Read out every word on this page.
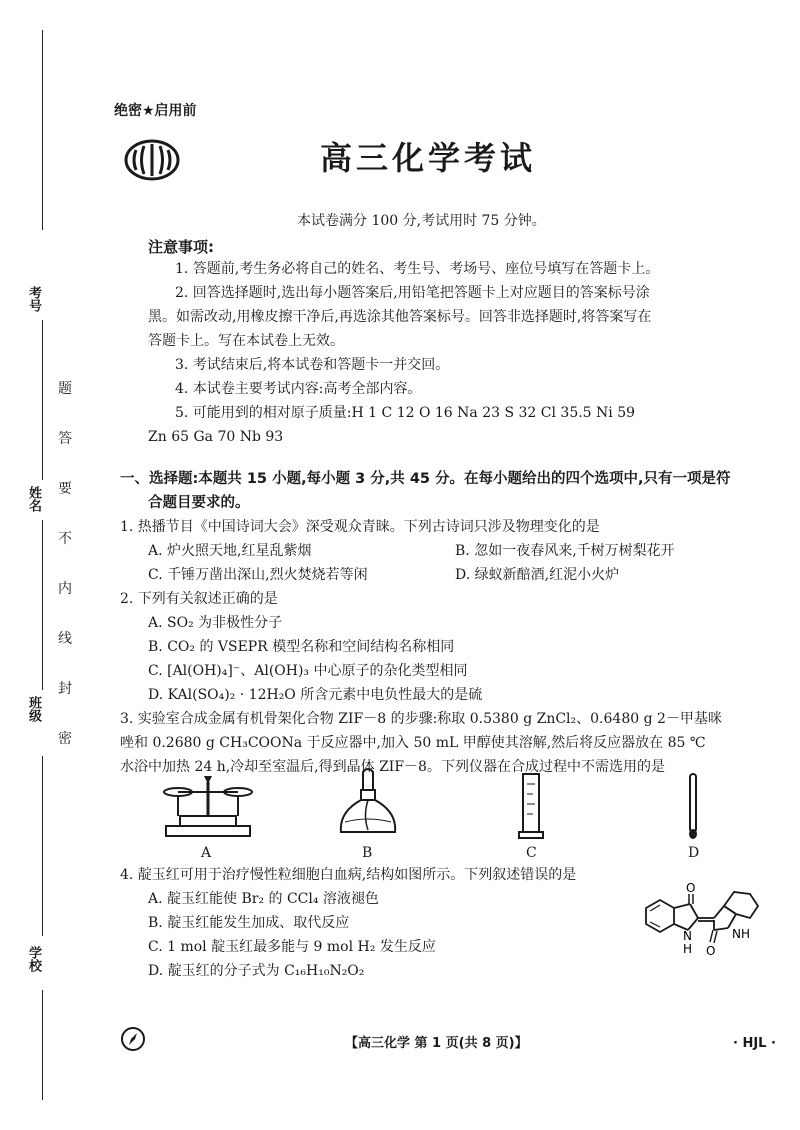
考号
姓名
班级
学校
题
答
要
不
内
线
封
密
绝密★启用前
高三化学考试
本试卷满分 100 分,考试用时 75 分钟。
注意事项:
1. 答题前,考生务必将自己的姓名、考生号、考场号、座位号填写在答题卡上。
2. 回答选择题时,选出每小题答案后,用铅笔把答题卡上对应题目的答案标号涂
黑。如需改动,用橡皮擦干净后,再选涂其他答案标号。回答非选择题时,将答案写在
答题卡上。写在本试卷上无效。
3. 考试结束后,将本试卷和答题卡一并交回。
4. 本试卷主要考试内容:高考全部内容。
5. 可能用到的相对原子质量:H 1 C 12 O 16 Na 23 S 32 Cl 35.5 Ni 59
Zn 65 Ga 70 Nb 93
一、选择题:本题共 15 小题,每小题 3 分,共 45 分。在每小题给出的四个选项中,只有一项是符
合题目要求的。
1. 热播节目《中国诗词大会》深受观众青睐。下列古诗词只涉及物理变化的是
A. 炉火照天地,红星乱紫烟	B. 忽如一夜春风来,千树万树梨花开
C. 千锤万凿出深山,烈火焚烧若等闲	D. 绿蚁新醅酒,红泥小火炉
2. 下列有关叙述正确的是
A. SO₂ 为非极性分子
B. CO₂ 的 VSEPR 模型名称和空间结构名称相同
C. [Al(OH)₄]⁻、Al(OH)₃ 中心原子的杂化类型相同
D. KAl(SO₄)₂ · 12H₂O 所含元素中电负性最大的是硫
3. 实验室合成金属有机骨架化合物 ZIF－8 的步骤:称取 0.5380 g ZnCl₂、0.6480 g 2－甲基咪
唑和 0.2680 g CH₃COONa 于反应器中,加入 50 mL 甲醇使其溶解,然后将反应器放在 85 ℃
水浴中加热 24 h,冷却至室温后,得到晶体 ZIF－8。下列仪器在合成过程中不需选用的是
A	B	C	D
4. 靛玉红可用于治疗慢性粒细胞白血病,结构如图所示。下列叙述错误的是
A. 靛玉红能使 Br₂ 的 CCl₄ 溶液褪色
B. 靛玉红能发生加成、取代反应
C. 1 mol 靛玉红最多能与 9 mol H₂ 发生反应
D. 靛玉红的分子式为 C₁₆H₁₀N₂O₂
O
N
H O
NH
【高三化学 第 1 页(共 8 页)】	· HJL ·
